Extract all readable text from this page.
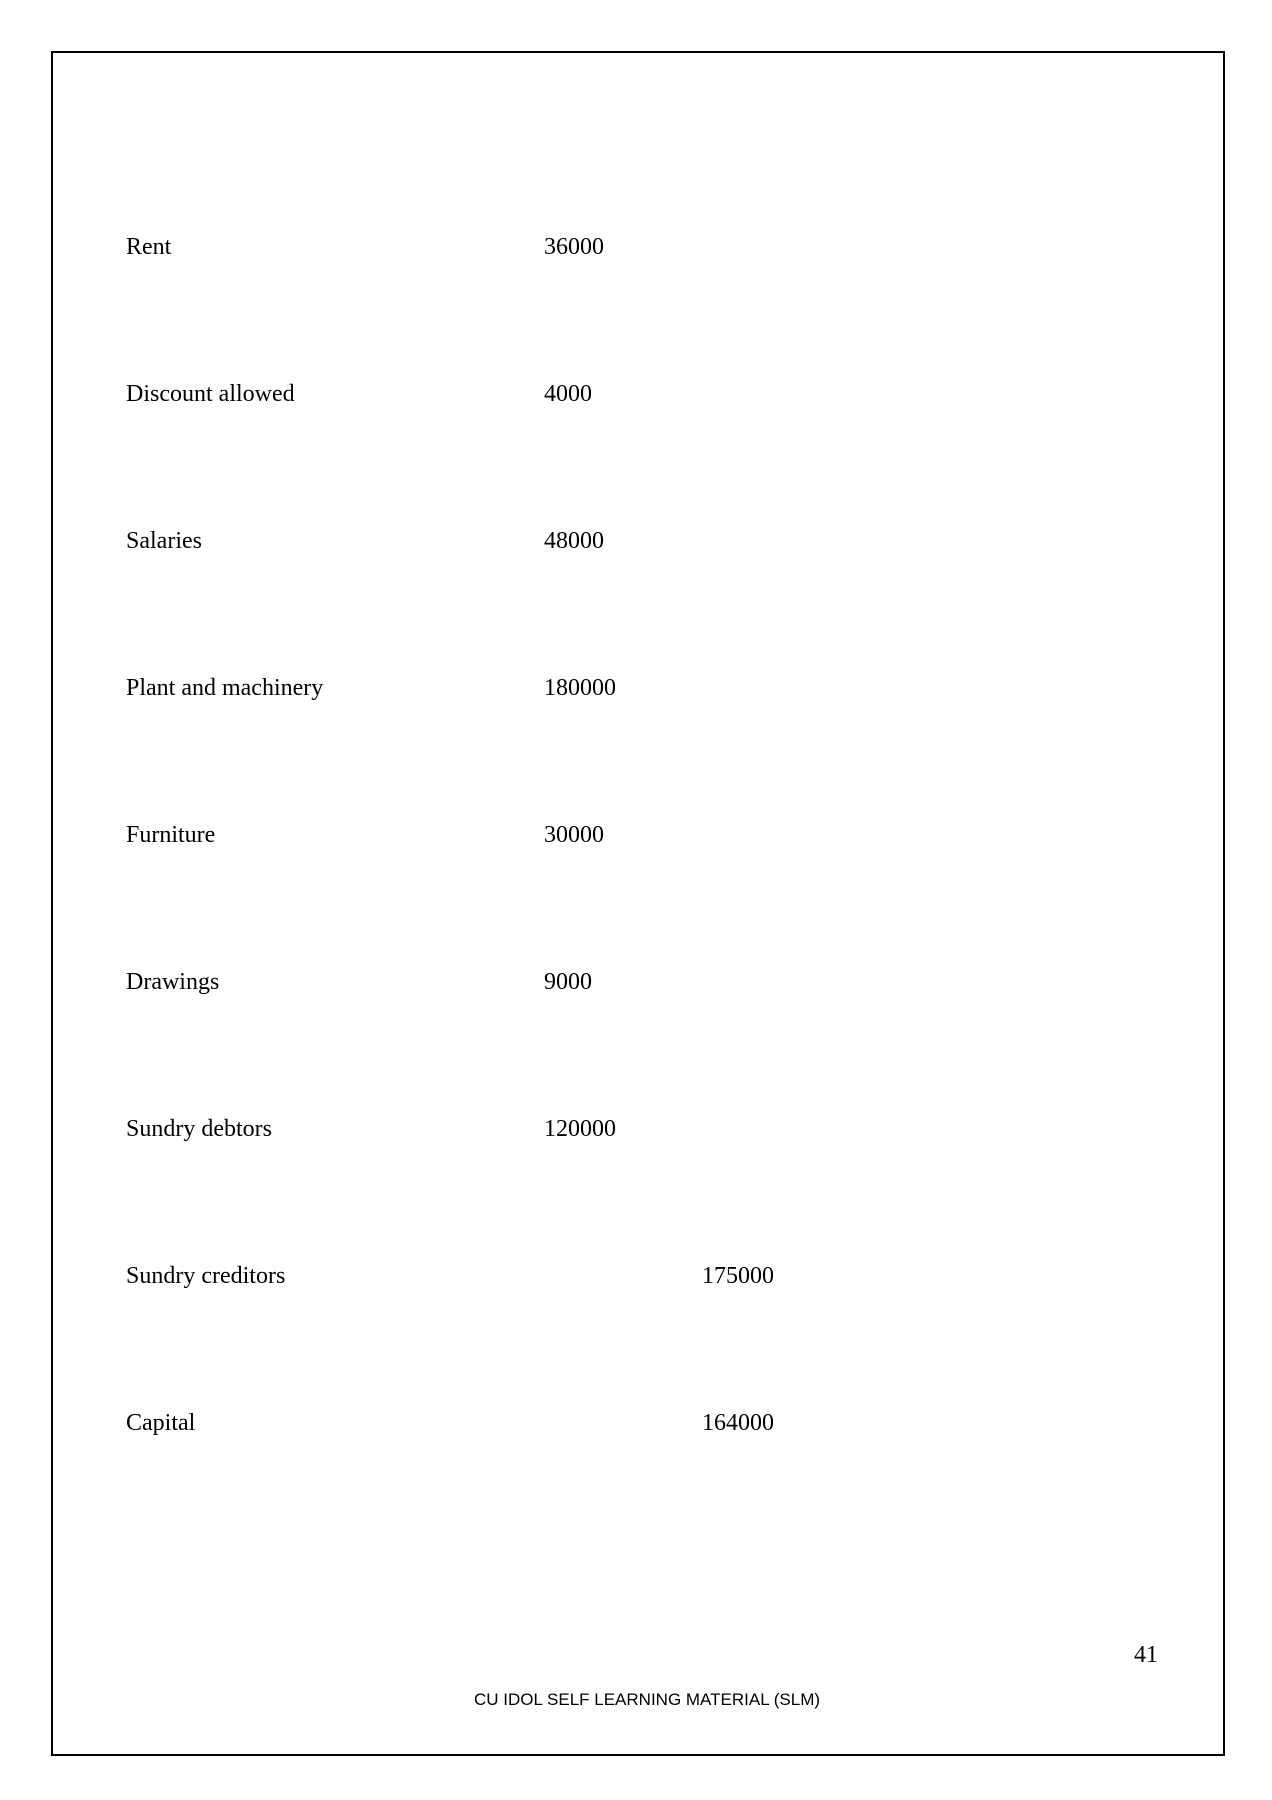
Rent	36000
Discount allowed	4000
Salaries	48000
Plant and machinery	180000
Furniture	30000
Drawings	9000
Sundry debtors	120000
Sundry creditors	175000
Capital	164000
41
CU IDOL SELF LEARNING MATERIAL (SLM)
